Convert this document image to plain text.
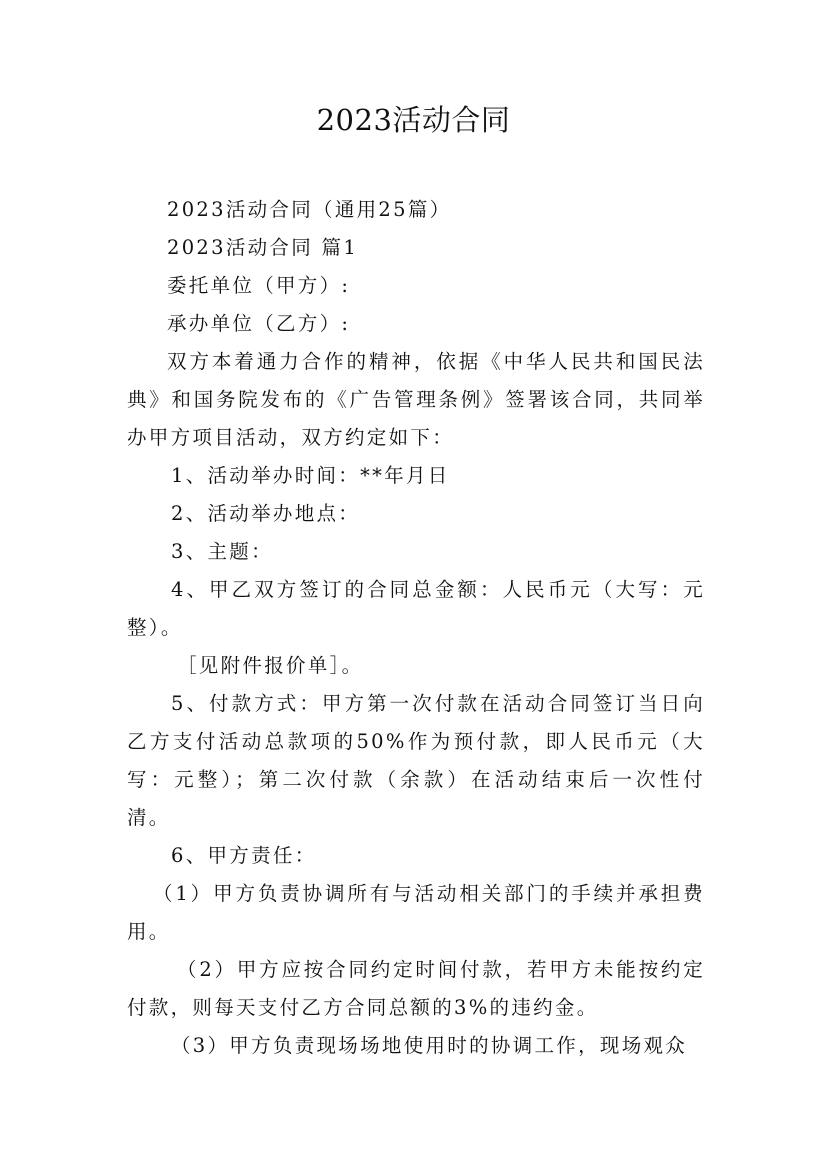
2023活动合同

2023活动合同（通用25篇）

2023活动合同 篇1

委托单位（甲方）:

承办单位（乙方）:

双方本着通力合作的精神，依据《中华人民共和国民法典》和国务院发布的《广告管理条例》签署该合同，共同举办甲方项目活动，双方约定如下：

1、活动举办时间：**年月日

2、活动举办地点：

3、主题：

4、甲乙双方签订的合同总金额：人民币元（大写：元整）。

［见附件报价单］。

5、付款方式：甲方第一次付款在活动合同签订当日向乙方支付活动总款项的50%作为预付款，即人民币元（大写：元整）；第二次付款（余款）在活动结束后一次性付清。

6、甲方责任：

（1）甲方负责协调所有与活动相关部门的手续并承担费用。

（2）甲方应按合同约定时间付款，若甲方未能按约定付款，则每天支付乙方合同总额的3%的违约金。

（3）甲方负责现场场地使用时的协调工作，现场观众
